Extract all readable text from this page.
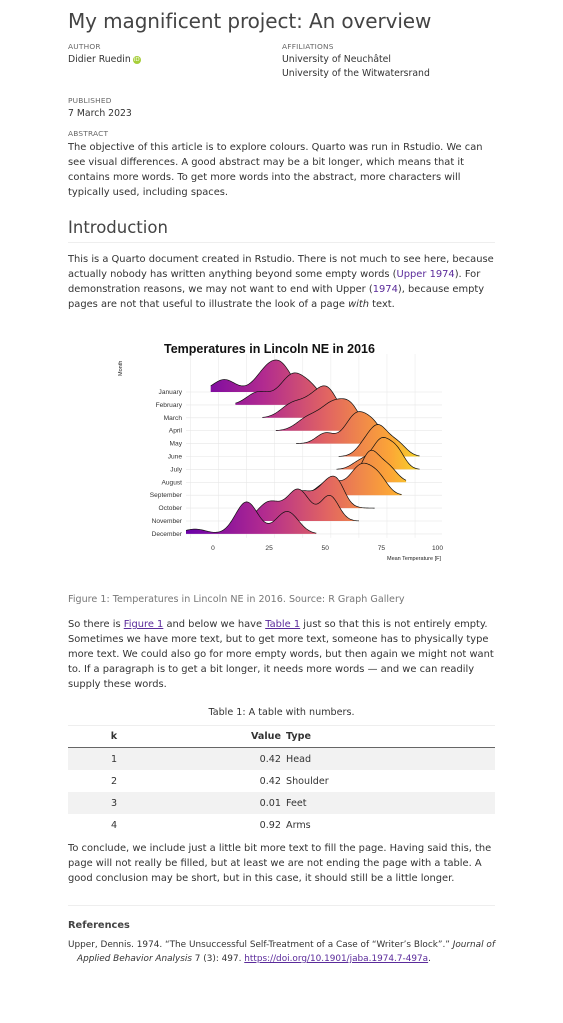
My magnificent project: An overview
AUTHOR
Didier Ruedin iD
AFFILIATIONS
University of Neuchâtel
University of the Witwatersrand
PUBLISHED
7 March 2023
ABSTRACT

The objective of this article is to explore colours. Quarto was run in Rstudio. We can see visual differences. A good abstract may be a bit longer, which means that it contains more words. To get more words into the abstract, more characters will typically used, including spaces.

Introduction

This is a Quarto document created in Rstudio. There is not much to see here, because actually nobody has written anything beyond some empty words (Upper 1974). For demonstration reasons, we may not want to end with Upper (1974), because empty pages are not that useful to illustrate the look of a page with text.

January
February
March
April
May
June
July
August
September
October
November
December
0	25	50	75	100
Temperatures in Lincoln NE in 2016
Month
Mean Temperature [F]
Figure 1: Temperatures in Lincoln NE in 2016. Source: R Graph Gallery

So there is Figure 1 and below we have Table 1 just so that this is not entirely empty. Sometimes we have more text, but to get more text, someone has to physically type more text. We could also go for more empty words, but then again we might not want to. If a paragraph is to get a bit longer, it needs more words — and we can readily supply these words.

Table 1: A table with numbers.
k	Value	Type
1	0.42	Head
2	0.42	Shoulder
3	0.01	Feet
4	0.92	Arms

To conclude, we include just a little bit more text to fill the page. Having said this, the page will not really be filled, but at least we are not ending the page with a table. A good conclusion may be short, but in this case, it should still be a little longer.

References
Upper, Dennis. 1974. “The Unsuccessful Self-Treatment of a Case of “Writer’s Block”.” Journal of Applied Behavior Analysis 7 (3): 497. https://doi.org/10.1901/jaba.1974.7-497a.
